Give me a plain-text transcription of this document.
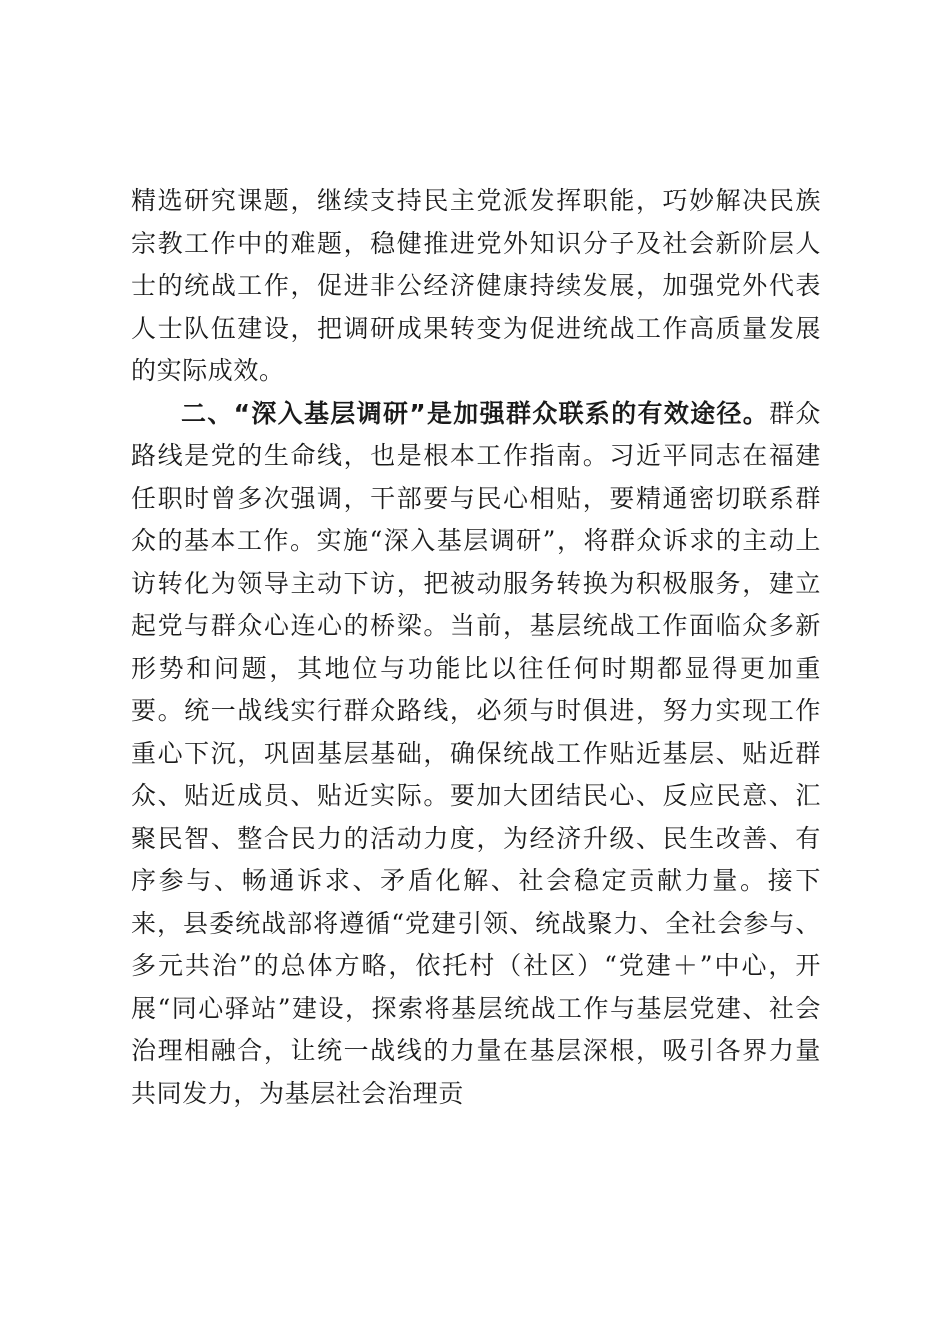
精选研究课题，继续支持民主党派发挥职能，巧妙解决民族宗教工作中的难题，稳健推进党外知识分子及社会新阶层人士的统战工作，促进非公经济健康持续发展，加强党外代表人士队伍建设，把调研成果转变为促进统战工作高质量发展的实际成效。

二、“深入基层调研”是加强群众联系的有效途径。群众路线是党的生命线，也是根本工作指南。习近平同志在福建任职时曾多次强调，干部要与民心相贴，要精通密切联系群众的基本工作。实施“深入基层调研”，将群众诉求的主动上访转化为领导主动下访，把被动服务转换为积极服务，建立起党与群众心连心的桥梁。当前，基层统战工作面临众多新形势和问题，其地位与功能比以往任何时期都显得更加重要。统一战线实行群众路线，必须与时俱进，努力实现工作重心下沉，巩固基层基础，确保统战工作贴近基层、贴近群众、贴近成员、贴近实际。要加大团结民心、反应民意、汇聚民智、整合民力的活动力度，为经济升级、民生改善、有序参与、畅通诉求、矛盾化解、社会稳定贡献力量。接下来，县委统战部将遵循“党建引领、统战聚力、全社会参与、多元共治”的总体方略，依托村（社区）“党建＋”中心，开展“同心驿站”建设，探索将基层统战工作与基层党建、社会治理相融合，让统一战线的力量在基层深根，吸引各界力量共同发力，为基层社会治理贡
